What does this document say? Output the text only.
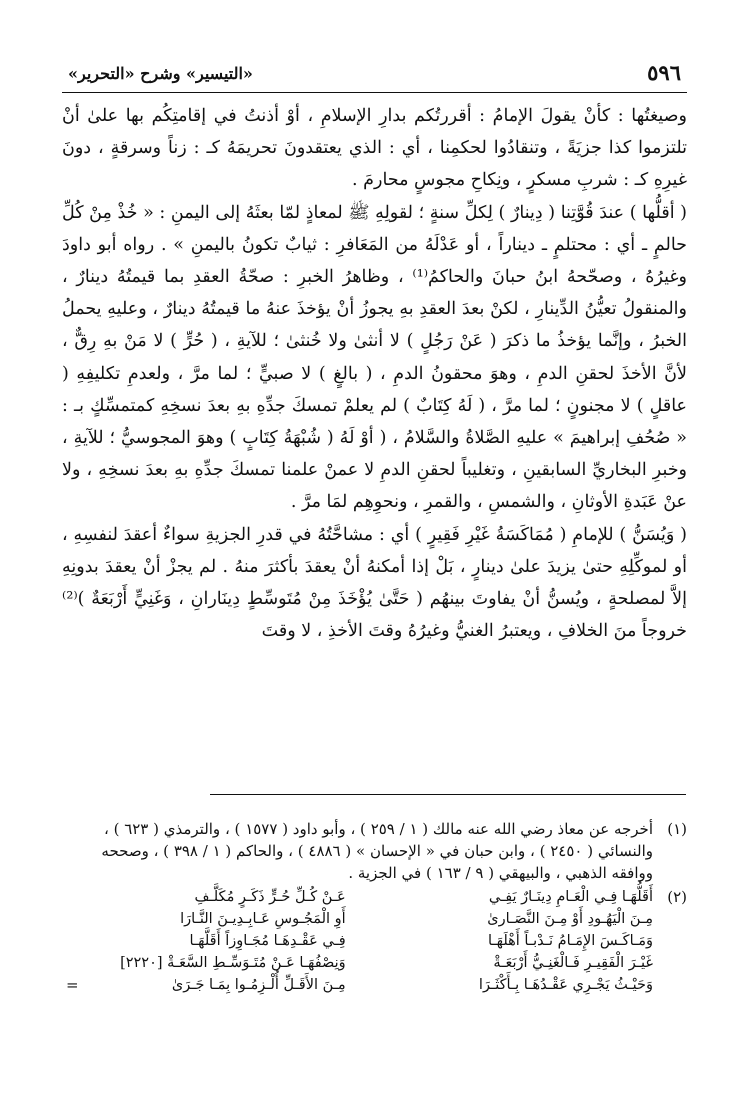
٥٩٦
«التيسير» وشرح «التحرير»

وصيغتُها : كأنْ يقولَ الإمامُ : أقررتُكم بدارِ الإسلامِ ، أوْ أذنتُ في إقامتِكُم بها علىٰ أنْ تلتزموا كذا جزيَةً ، وتنقادُوا لحكمِنا ، أي : الذي يعتقدونَ تحريمَهُ كـ : زناً وسرقةٍ ، دونَ غيرِهِ كـ : شربِ مسكرٍ ، ونِكاحِ مجوسٍ محارمَ .

( أقلُّها ) عندَ قُوَّتِنا ( دِينارٌ ) لِكلِّ سنةٍ ؛ لقولِهِ ﷺ لمعاذٍ لمّا بعثَهُ إلى اليمنِ : « خُذْ مِنْ كُلِّ حالمٍ ـ أي : محتلمٍ ـ ديناراً ، أو عَدْلَهُ من المَعَافرِ : ثيابٌ تكونُ باليمنِ » . رواه أبو داودَ وغيرُهُ ، وصحّحهُ ابنُ حبانَ والحاكمُ⁽¹⁾ ، وظاهرُ الخبرِ : صحّةُ العقدِ بما قيمتُهُ دينارٌ ، والمنقولُ تعيُّنُ الدِّينارِ ، لكنْ بعدَ العقدِ بهِ يجوزُ أنْ يؤخذَ عنهُ ما قيمتُهُ دينارٌ ، وعليهِ يحملُ الخبرُ ، وإنَّما يؤخذُ ما ذكرَ ( عَنْ رَجُلٍ ) لا أنثىٰ ولا خُنثىٰ ؛ للآيةِ ، ( حُرٍّ ) لا مَنْ بهِ رِقٌّ ، لأنَّ الأخذَ لحقنِ الدمِ ، وهوَ محقونُ الدمِ ، ( بالغٍ ) لا صبيٍّ ؛ لما مرَّ ، ولعدمِ تكليفِهِ ( عاقلٍ ) لا مجنونٍ ؛ لما مرَّ ، ( لَهُ كِتَابٌ ) لم يعلمْ تمسكَ جدِّهِ بهِ بعدَ نسخِهِ كمتمسِّكٍ بـ : « صُحُفِ إبراهيمَ » عليهِ الصَّلاةُ والسَّلامُ ، ( أوْ لَهُ ( شُبْهَةُ كِتَابٍ ) وهوَ المجوسيُّ ؛ للآيةِ ، وخبرِ البخاريِّ السابقينِ ، وتغليباً لحقنِ الدمِ لا عمنْ علمنا تمسكَ جدِّهِ بهِ بعدَ نسخِهِ ، ولا عنْ عَبَدةِ الأوثانِ ، والشمسِ ، والقمرِ ، ونحوِهِم لمَا مرَّ .

( وَيُسَنُّ ) للإمامِ ( مُمَاكَسَةُ غَيْرِ فَقِيرٍ ) أي : مشاحَّتُهُ في قدرِ الجزيةِ سواءٌ أعقدَ لنفسِهِ ، أو لموكِّلِهِ حتىٰ يزيدَ علىٰ دينارٍ ، بَلْ إذا أمكنهُ أنْ يعقدَ بأكثرَ منهُ . لم يجزْ أنْ يعقدَ بدونِهِ إلاَّ لمصلحةٍ ، ويُسنُّ أنْ يفاوتَ بينهُم ( حَتَّىٰ يُؤْخَذَ مِنْ مُتَوسِّطٍ دِينَارانِ ، وَغَنِيٍّ أَرْبَعَةٌ )⁽²⁾ خروجاً منَ الخلافِ ، ويعتبرُ الغنيُّ وغيرُهُ وقتَ الأخذِ ، لا وقتَ

(١)
أخرجه عن معاذ رضي الله عنه مالك ( ١ / ٢٥٩ ) ، وأبو داود ( ١٥٧٧ ) ، والترمذي ( ٦٢٣ ) ، والنسائي ( ٢٤٥٠ ) ، وابن حبان في « الإحسان » ( ٤٨٨٦ ) ، والحاكم ( ١ / ٣٩٨ ) ، وصححه ووافقه الذهبي ، والبيهقي ( ٩ / ١٦٣ ) في الجزية .
(٢)
أَقَلُّهَـا فِـي الْعَـامِ دِينَـارٌ يَفِـي
عَـنْ كُـلِّ حُـرٍّ ذَكَـرٍ مُكَلَّـفِ
مِـنَ الْيَهُـودِ أَوْ مِـنَ النَّصَـارىٰ
أَوِ الْمَجُـوسِ عَـابِـدِيـنَ النَّـارَا
وَمَـاكَـسَ الإِمَـامُ نَـدْبـاً أَهْلَهَـا
فِـي عَقْـدِهَـا مُجَـاوِزاً أَقَلَّهَـا
غَيْـرَ الْفَقِيـرِ فَـالْغَنِـيُّ أَرْبَعَـةْ
وَنِصْفُهَـا عَـنْ مُتَـوَسِّـطِ السَّعَـةْ [٢٢٢٠]
وَحَيْـثُ يَجْـرِي عَقْـدُهَـا بِـأَكْثَـرَا
مِـنَ الأَقَـلِّ أُلْـزِمُـوا بِمَـا جَـرَىٰ
=
